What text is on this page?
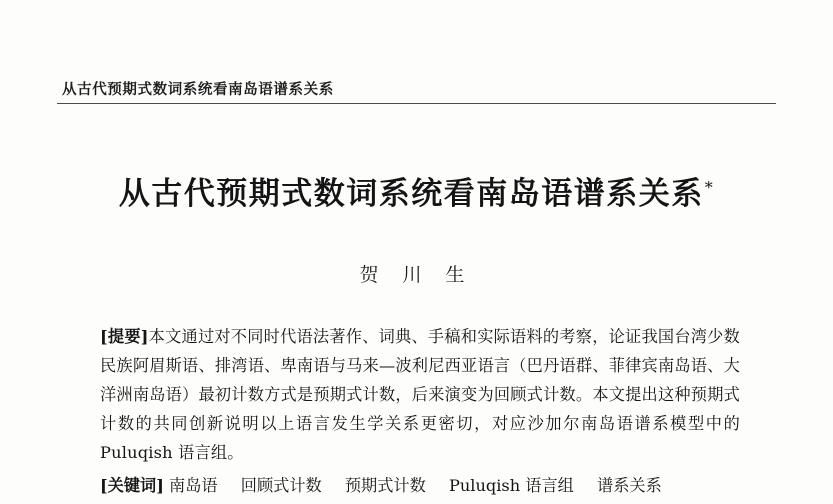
从古代预期式数词系统看南岛语谱系关系
从古代预期式数词系统看南岛语谱系关系*
贺 川 生

[提要]本文通过对不同时代语法著作、词典、手稿和实际语料的考察，论证我国台湾少数民族阿眉斯语、排湾语、卑南语与马来—波利尼西亚语言（巴丹语群、菲律宾南岛语、大洋洲南岛语）最初计数方式是预期式计数，后来演变为回顾式计数。本文提出这种预期式计数的共同创新说明以上语言发生学关系更密切，对应沙加尔南岛语谱系模型中的 Puluqish 语言组。

[关键词] 南岛语 回顾式计数 预期式计数 Puluqish 语言组 谱系关系
